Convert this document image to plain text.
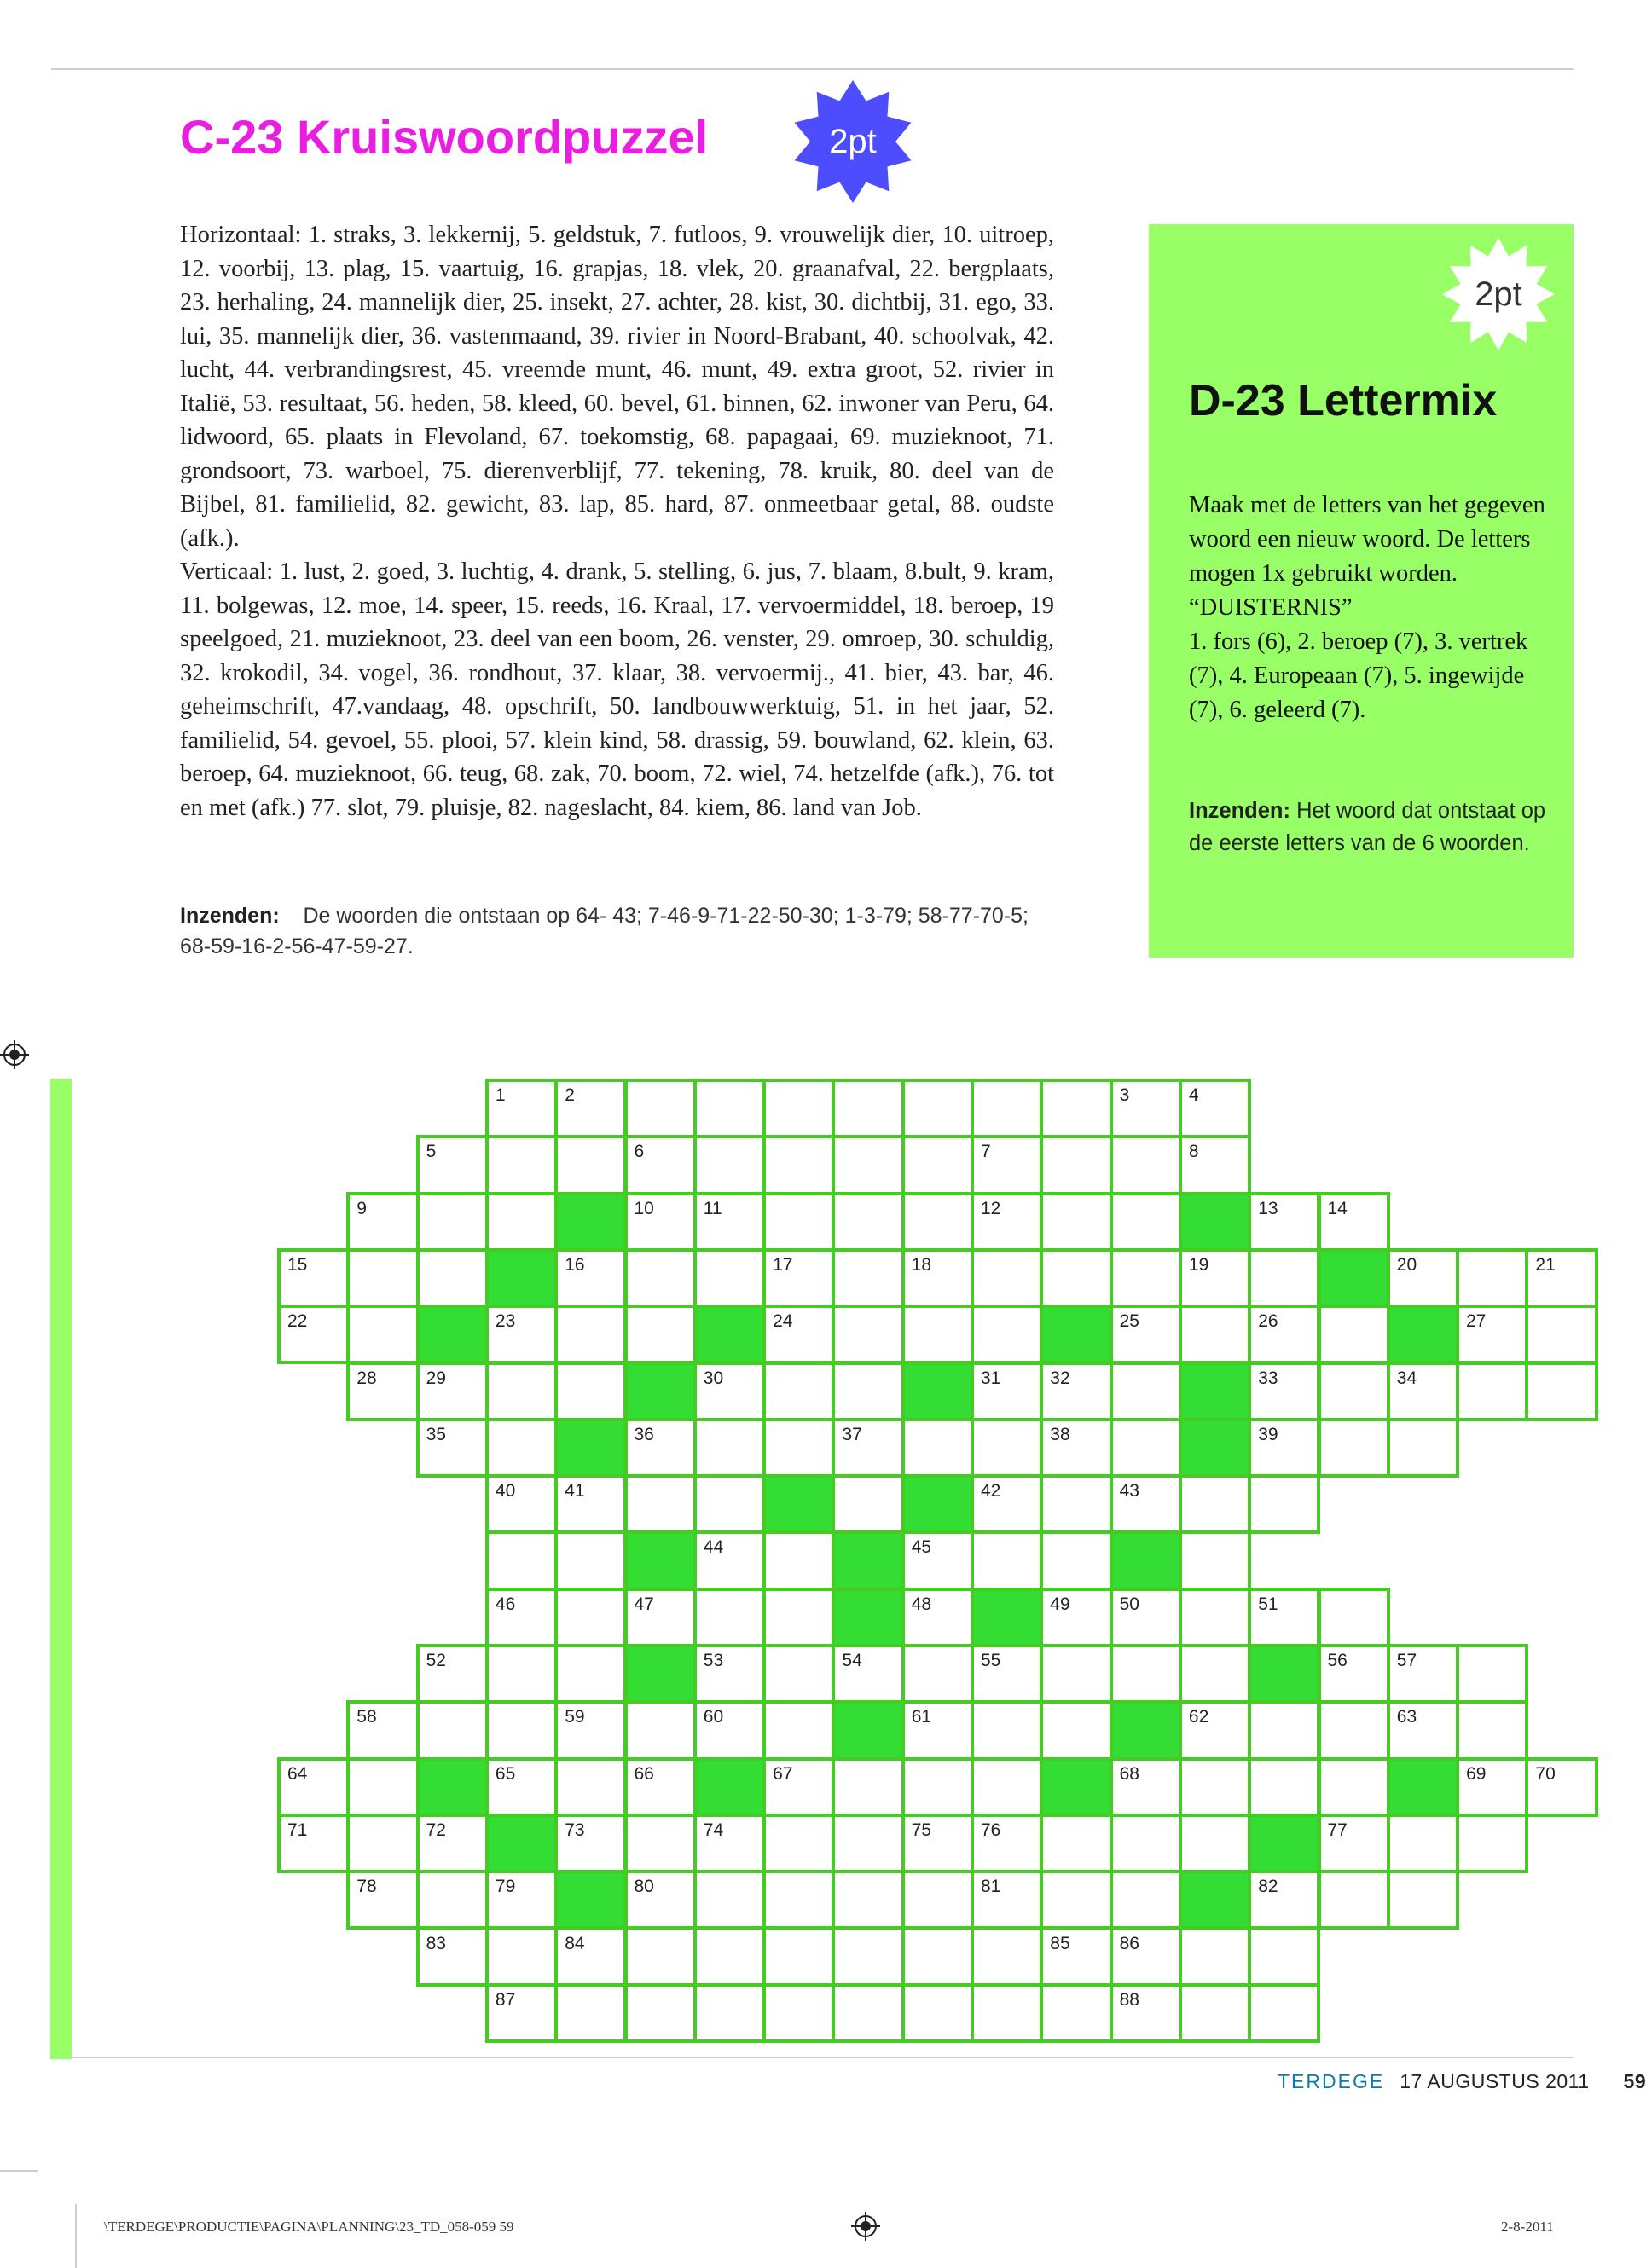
C-23 Kruiswoordpuzzel	2pt

Horizontaal: 1. straks, 3. lekkernij, 5. geldstuk, 7. futloos, 9. vrouwelijk dier, 10. uitroep, 12. voorbij, 13. plag, 15. vaartuig, 16. grapjas, 18. vlek, 20. graanafval, 22. bergplaats, 23. herhaling, 24. mannelijk dier, 25. insekt, 27. achter, 28. kist, 30. dichtbij, 31. ego, 33. lui, 35. mannelijk dier, 36. vastenmaand, 39. rivier in Noord-Brabant, 40. schoolvak, 42. lucht, 44. verbrandingsrest, 45. vreemde munt, 46. munt, 49. extra groot, 52. rivier in Italië, 53. resultaat, 56. heden, 58. kleed, 60. bevel, 61. binnen, 62. inwoner van Peru, 64. lidwoord, 65. plaats in Flevoland, 67. toekomstig, 68. papagaai, 69. muzieknoot, 71. grondsoort, 73. warboel, 75. dierenverblijf, 77. tekening, 78. kruik, 80. deel van de Bijbel, 81. familielid, 82. gewicht, 83. lap, 85. hard, 87. onmeetbaar getal, 88. oudste (afk.).

Verticaal: 1. lust, 2. goed, 3. luchtig, 4. drank, 5. stelling, 6. jus, 7. blaam, 8.bult, 9. kram, 11. bolgewas, 12. moe, 14. speer, 15. reeds, 16. Kraal, 17. vervoermiddel, 18. beroep, 19 speelgoed, 21. muzieknoot, 23. deel van een boom, 26. venster, 29. omroep, 30. schuldig, 32. krokodil, 34. vogel, 36. rondhout, 37. klaar, 38. vervoermij., 41. bier, 43. bar, 46. geheimschrift, 47.vandaag, 48. opschrift, 50. landbouwwerktuig, 51. in het jaar, 52. familielid, 54. gevoel, 55. plooi, 57. klein kind, 58. drassig, 59. bouwland, 62. klein, 63. beroep, 64. muzieknoot, 66. teug, 68. zak, 70. boom, 72. wiel, 74. hetzelfde (afk.), 76. tot en met (afk.) 77. slot, 79. pluisje, 82. nageslacht, 84. kiem, 86. land van Job.

Inzenden: De woorden die ontstaan op 64- 43; 7-46-9-71-22-50-30; 1-3-79; 58-77-70-5; 68-59-16-2-56-47-59-27.
2pt
D-23 Lettermix

Maak met de letters van het gegeven woord een nieuw woord. De letters mogen 1x gebruikt worden.

“DUISTERNIS”

1. fors (6), 2. beroep (7), 3. vertrek (7), 4. Europeaan (7), 5. ingewijde (7), 6. geleerd (7).

Inzenden: Het woord dat ontstaat op de eerste letters van de 6 woorden.
1	2	3	4
5	6	7	8
9	10	11	12	13	14
15	16	17	18	19	20	21
22	23	24	25	26	27
28	29	30	31	32	33	34
35	36	37	38	39
40	41	42	43
44	45
46	47	48	49	50	51
52	53	54	55	56	57
58	59	60	61	62	63
64	65	66	67	68	69	70
71	72	73	74	75	76	77
78	79	80	81	82
83	84	85	86
87	88
TERDEGE 17 AUGUSTUS 2011 59
\TERDEGE\PRODUCTIE\PAGINA\PLANNING\23_TD_058-059 59	2-8-2011
